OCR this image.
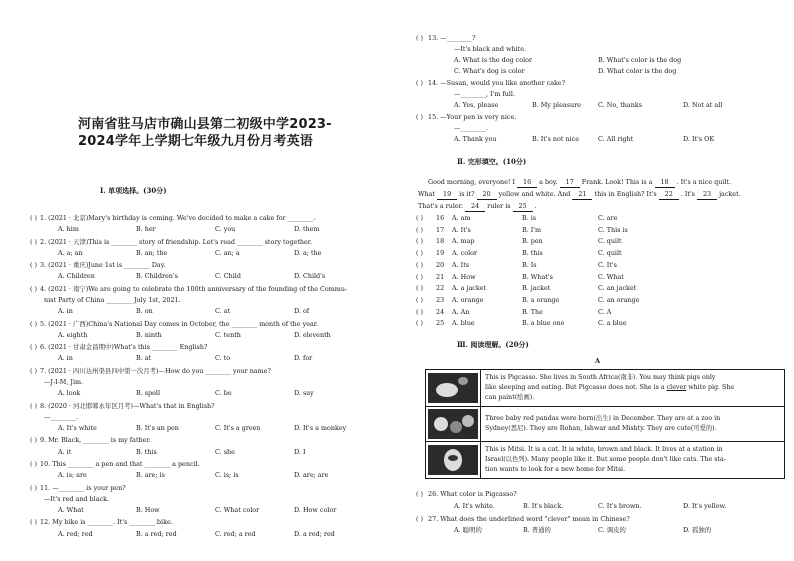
河南省驻马店市确山县第二初级中学2023-
2024学年上学期七年级九月份月考英语
Ⅰ. 单项选择。(30分)
( ) 1. (2021 · 北京)Mary's birthday is coming. We've decided to make a cake for ________.
A. him	B. her	C. you	D. them
( ) 2. (2021 · 天津)This is ________ story of friendship. Let's read ________ story together.
A. a; an	B. an; the	C. an; a	D. a; the
( ) 3. (2021 · 重庆)June 1st is ________ Day.
A. Children	B. Children's	C. Child	D. Child's
( ) 4. (2021 · 南宁)We are going to celebrate the 100th anniversary of the founding of the Commu-
nist Party of China ________ July 1st, 2021.
A. in	B. on	C. at	D. of
( ) 5. (2021 · 广西)China's National Day comes in October, the ________ month of the year.
A. eighth	B. ninth	C. tenth	D. eleventh
( ) 6. (2021 · 甘肃金昌期中)What's this ________ English?
A. in	B. at	C. to	D. for
( ) 7. (2021 · 四川达州渠县四中第一次月考)—How do you ________ your name?
—J-I-M, Jim.
A. look	B. spell	C. be	D. say
( ) 8. (2020 · 河北邯郸永年区月考)—What's that in English?
—________.
A. It's white	B. It's an pen	C. It's a green	D. It's a monkey
( ) 9. Mr. Black, ________ is my father.
A. it	B. this	C. she	D. I
( ) 10. This ________ a pen and that ________ a pencil.
A. is; are	B. are; is	C. is; is	D. are; are
( ) 11. —________ is your pen?
—It's red and black.
A. What	B. How	C. What color	D. How color
( ) 12. My bike is ________. It's ________ bike.
A. red; red	B. a red; red	C. red; a red	D. a red; red
( ) 13. —________?
—It's black and white.
A. What is the dog color	B. What's color is the dog
C. What's dog is color	D. What color is the dog
( ) 14. —Susan, would you like another cake?
—________, I'm full.
A. Yes, please	B. My pleasure	C. No, thanks	D. Not at all
( ) 15. —Your pen is very nice.
—________.
A. Thank you	B. It's not nice	C. All right	D. It's OK
Ⅱ. 完形填空。(10分)
Good morning, everyone! I 16 a boy. 17 Frank. Look! This is a 18 . It's a nice quilt.
What 19 is it? 20 yellow and white. And 21 this in English? It's 22 . It's 23 jacket.
That's a ruler. 24 ruler is 25 .
( ) 16 A. am	B. is	C. are
( ) 17 A. It's	B. I'm	C. This is
( ) 18 A. map	B. pen	C. quilt
( ) 19 A. color	B. this	C. quilt
( ) 20 A. Its	B. Is	C. It's
( ) 21 A. How	B. What's	C. What
( ) 22 A. a jacket	B. jacket	C. an jacket
( ) 23 A. orange	B. a orange	C. an orange
( ) 24 A. An	B. The	C. A
( ) 25 A. blue	B. a blue one	C. a blue
Ⅲ. 阅读理解。(20分)
A

	This is Pigcasso. She lives in South Africa(南非). You may think pigs only
like sleeping and eating. But Pigcasso does not. She is a clever white pig. She
can paint(绘画).

	Three baby red pandas were born(出生) in December. They are at a zoo in
Sydney(悉尼). They are Rohan, Ishwar and Mishty. They are cute(可爱的).

	This is Mitsi. It is a cat. It is white, brown and black. It lives at a station in
Israel(以色列). Many people like it. But some people don't like cats. The sta-
tion wants to look for a new home for Mitsi.
( ) 26. What color is Pigcasso?
A. It's white.	B. It's black.	C. It's brown.	D. It's yellow.
( ) 27. What does the underlined word "clever" mean in Chinese?
A. 聪明的	B. 普通的	C. 调皮的	D. 孤独的
